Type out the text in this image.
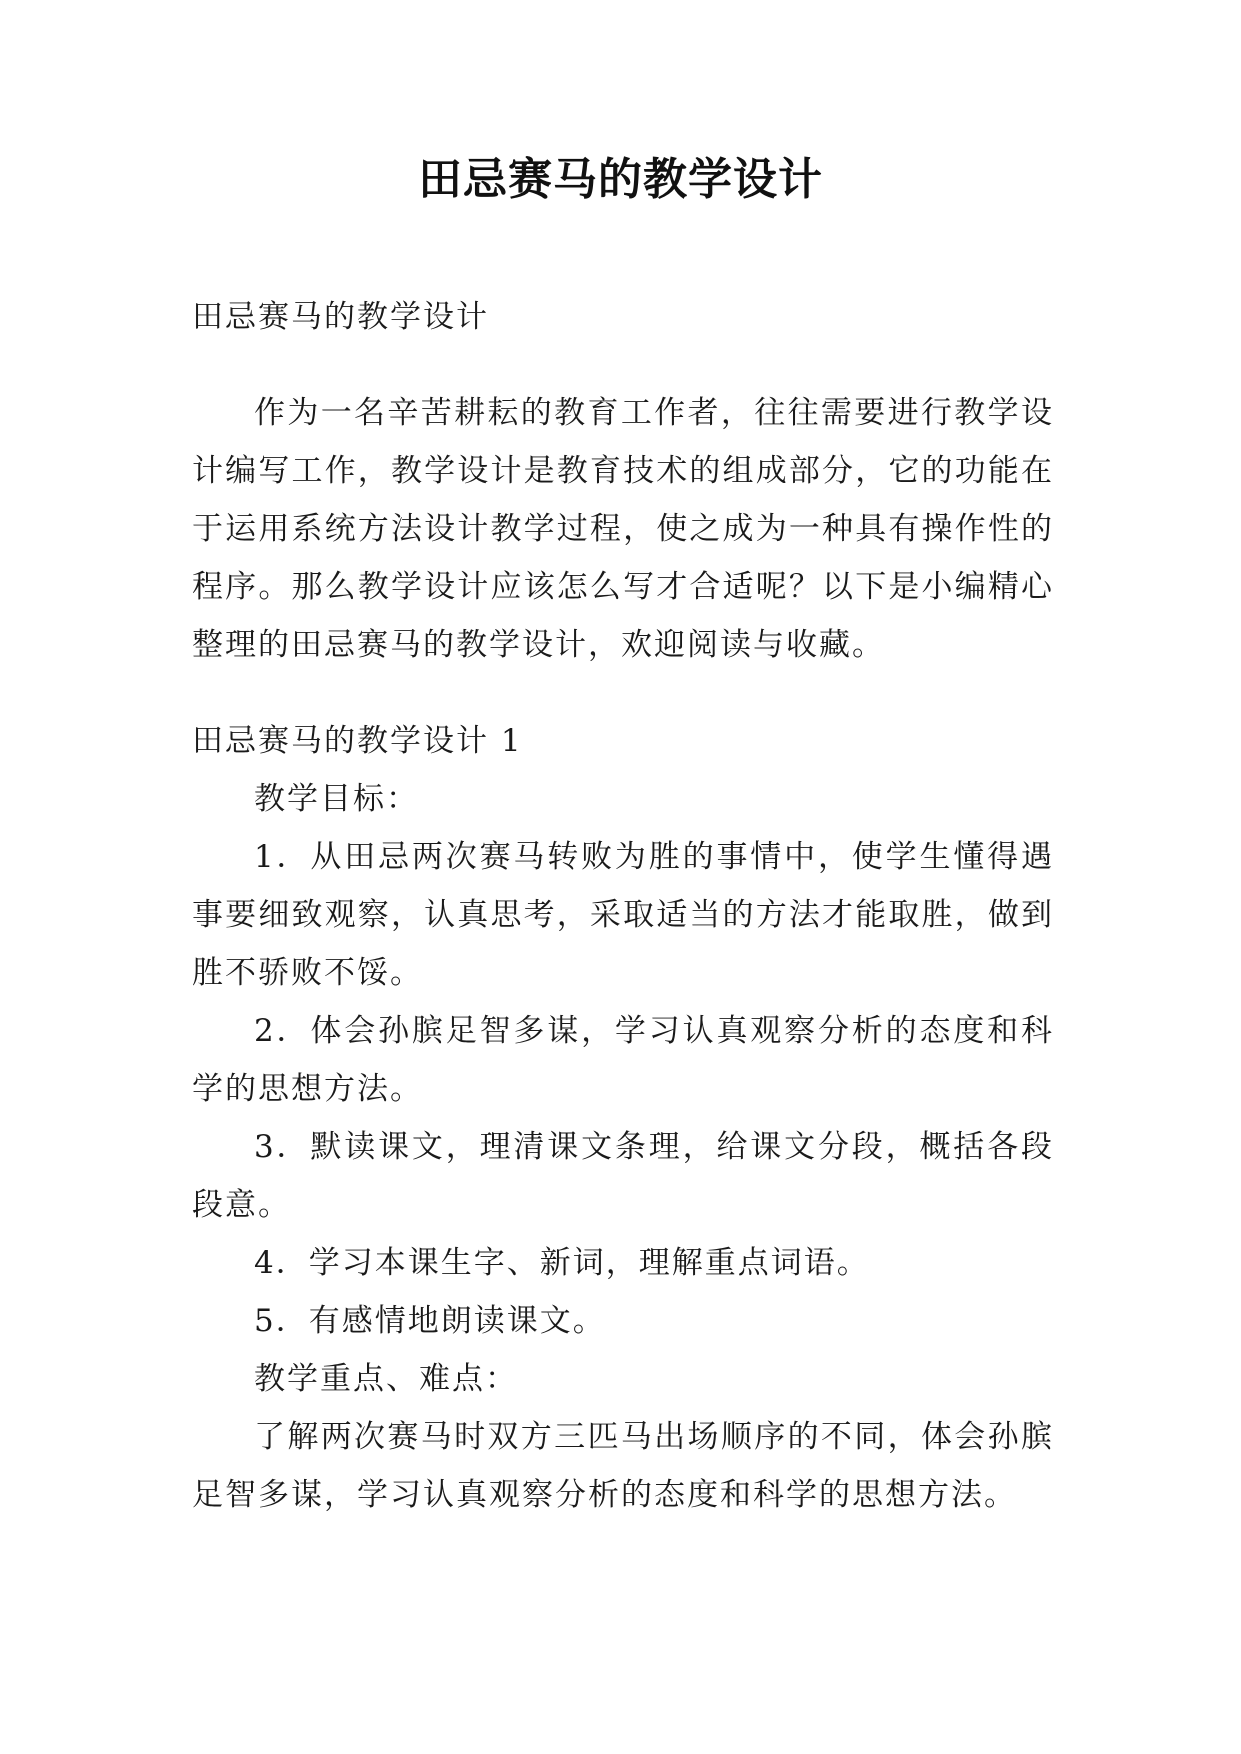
田忌赛马的教学设计

田忌赛马的教学设计

作为一名辛苦耕耘的教育工作者，往往需要进行教学设计编写工作，教学设计是教育技术的组成部分，它的功能在于运用系统方法设计教学过程，使之成为一种具有操作性的程序。那么教学设计应该怎么写才合适呢？以下是小编精心整理的田忌赛马的教学设计，欢迎阅读与收藏。

田忌赛马的教学设计 1

教学目标：

1．从田忌两次赛马转败为胜的事情中，使学生懂得遇事要细致观察，认真思考，采取适当的方法才能取胜，做到胜不骄败不馁。

2．体会孙膑足智多谋，学习认真观察分析的态度和科学的思想方法。

3．默读课文，理清课文条理，给课文分段，概括各段段意。

4．学习本课生字、新词，理解重点词语。

5．有感情地朗读课文。

教学重点、难点：

了解两次赛马时双方三匹马出场顺序的不同，体会孙膑足智多谋，学习认真观察分析的态度和科学的思想方法。
